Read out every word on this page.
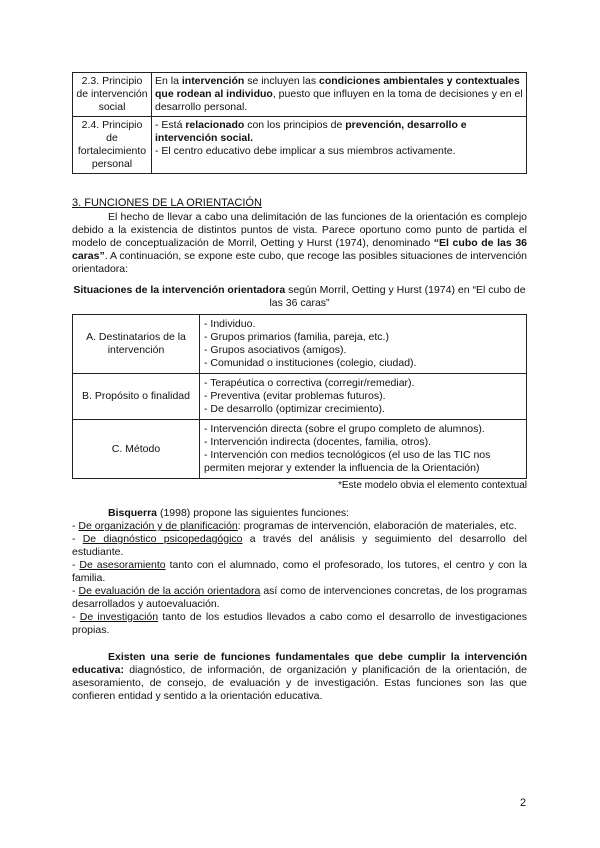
2.3. Principio de intervención social	En la intervención se incluyen las condiciones ambientales y contextuales que rodean al individuo, puesto que influyen en la toma de decisiones y en el desarrollo personal.
2.4. Principio de fortalecimiento personal	- Está relacionado con los principios de prevención, desarrollo e intervención social.
- El centro educativo debe implicar a sus miembros activamente.
3. FUNCIONES DE LA ORIENTACIÓN

El hecho de llevar a cabo una delimitación de las funciones de la orientación es complejo debido a la existencia de distintos puntos de vista. Parece oportuno como punto de partida el modelo de conceptualización de Morril, Oetting y Hurst (1974), denominado “El cubo de las 36 caras”. A continuación, se expone este cubo, que recoge las posibles situaciones de intervención orientadora:

Situaciones de la intervención orientadora según Morril, Oetting y Hurst (1974) en “El cubo de las 36 caras”
A. Destinatarios de la intervención	- Individuo.
- Grupos primarios (familia, pareja, etc.)
- Grupos asociativos (amigos).
- Comunidad o instituciones (colegio, ciudad).

B. Propósito o finalidad	- Terapéutica o correctiva (corregir/remediar).
- Preventiva (evitar problemas futuros).
- De desarrollo (optimizar crecimiento).

C. Método	- Intervención directa (sobre el grupo completo de alumnos).
- Intervención indirecta (docentes, familia, otros).
- Intervención con medios tecnológicos (el uso de las TIC nos permiten mejorar y extender la influencia de la Orientación)
*Este modelo obvia el elemento contextual

Bisquerra (1998) propone las siguientes funciones:

- De organización y de planificación: programas de intervención, elaboración de materiales, etc.

- De diagnóstico psicopedagógico a través del análisis y seguimiento del desarrollo del estudiante.

- De asesoramiento tanto con el alumnado, como el profesorado, los tutores, el centro y con la familia.

- De evaluación de la acción orientadora así como de intervenciones concretas, de los programas desarrollados y autoevaluación.

- De investigación tanto de los estudios llevados a cabo como el desarrollo de investigaciones propias.

Existen una serie de funciones fundamentales que debe cumplir la intervención educativa: diagnóstico, de información, de organización y planificación de la orientación, de asesoramiento, de consejo, de evaluación y de investigación. Estas funciones son las que confieren entidad y sentido a la orientación educativa.

2
